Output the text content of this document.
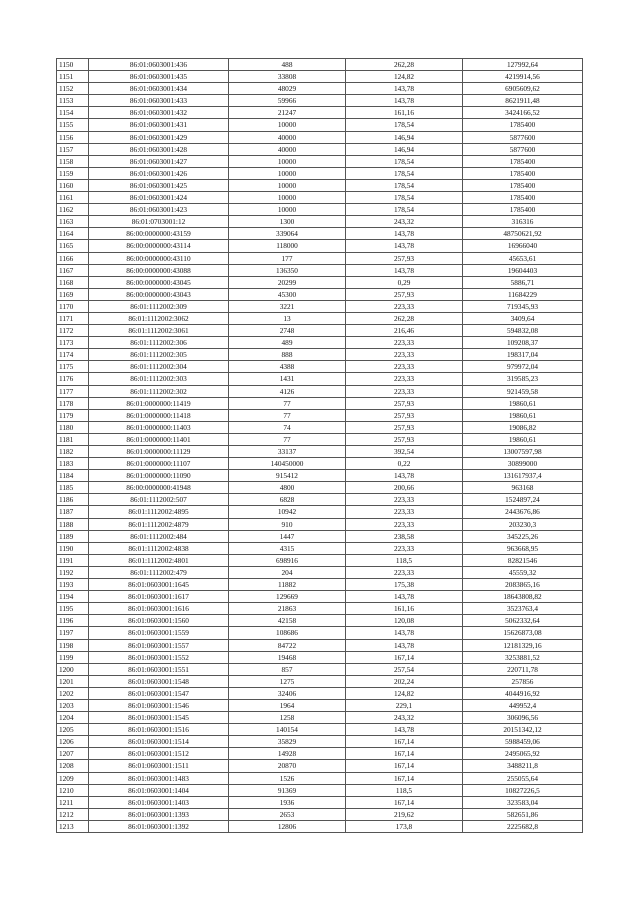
1150	86:01:0603001:436	488	262,28	127992,64
1151	86:01:0603001:435	33808	124,82	4219914,56
1152	86:01:0603001:434	48029	143,78	6905609,62
1153	86:01:0603001:433	59966	143,78	8621911,48
1154	86:01:0603001:432	21247	161,16	3424166,52
1155	86:01:0603001:431	10000	178,54	1785400
1156	86:01:0603001:429	40000	146,94	5877600
1157	86:01:0603001:428	40000	146,94	5877600
1158	86:01:0603001:427	10000	178,54	1785400
1159	86:01:0603001:426	10000	178,54	1785400
1160	86:01:0603001:425	10000	178,54	1785400
1161	86:01:0603001:424	10000	178,54	1785400
1162	86:01:0603001:423	10000	178,54	1785400
1163	86:01:0703001:12	1300	243,32	316316
1164	86:00:0000000:43159	339064	143,78	48750621,92
1165	86:00:0000000:43114	118000	143,78	16966040
1166	86:00:0000000:43110	177	257,93	45653,61
1167	86:00:0000000:43088	136350	143,78	19604403
1168	86:00:0000000:43045	20299	0,29	5886,71
1169	86:00:0000000:43043	45300	257,93	11684229
1170	86:01:1112002:309	3221	223,33	719345,93
1171	86:01:1112002:3062	13	262,28	3409,64
1172	86:01:1112002:3061	2748	216,46	594832,08
1173	86:01:1112002:306	489	223,33	109208,37
1174	86:01:1112002:305	888	223,33	198317,04
1175	86:01:1112002:304	4388	223,33	979972,04
1176	86:01:1112002:303	1431	223,33	319585,23
1177	86:01:1112002:302	4126	223,33	921459,58
1178	86:01:0000000:11419	77	257,93	19860,61
1179	86:01:0000000:11418	77	257,93	19860,61
1180	86:01:0000000:11403	74	257,93	19086,82
1181	86:01:0000000:11401	77	257,93	19860,61
1182	86:01:0000000:11129	33137	392,54	13007597,98
1183	86:01:0000000:11107	140450000	0,22	30899000
1184	86:01:0000000:11090	915412	143,78	131617937,4
1185	86:00:0000000:41948	4800	200,66	963168
1186	86:01:1112002:507	6828	223,33	1524897,24
1187	86:01:1112002:4895	10942	223,33	2443676,86
1188	86:01:1112002:4879	910	223,33	203230,3
1189	86:01:1112002:484	1447	238,58	345225,26
1190	86:01:1112002:4838	4315	223,33	963668,95
1191	86:01:1112002:4801	698916	118,5	82821546
1192	86:01:1112002:479	204	223,33	45559,32
1193	86:01:0603001:1645	11882	175,38	2083865,16
1194	86:01:0603001:1617	129669	143,78	18643808,82
1195	86:01:0603001:1616	21863	161,16	3523763,4
1196	86:01:0603001:1560	42158	120,08	5062332,64
1197	86:01:0603001:1559	108686	143,78	15626873,08
1198	86:01:0603001:1557	84722	143,78	12181329,16
1199	86:01:0603001:1552	19468	167,14	3253881,52
1200	86:01:0603001:1551	857	257,54	220711,78
1201	86:01:0603001:1548	1275	202,24	257856
1202	86:01:0603001:1547	32406	124,82	4044916,92
1203	86:01:0603001:1546	1964	229,1	449952,4
1204	86:01:0603001:1545	1258	243,32	306096,56
1205	86:01:0603001:1516	140154	143,78	20151342,12
1206	86:01:0603001:1514	35829	167,14	5988459,06
1207	86:01:0603001:1512	14928	167,14	2495065,92
1208	86:01:0603001:1511	20870	167,14	3488211,8
1209	86:01:0603001:1483	1526	167,14	255055,64
1210	86:01:0603001:1404	91369	118,5	10827226,5
1211	86:01:0603001:1403	1936	167,14	323583,04
1212	86:01:0603001:1393	2653	219,62	582651,86
1213	86:01:0603001:1392	12806	173,8	2225682,8
